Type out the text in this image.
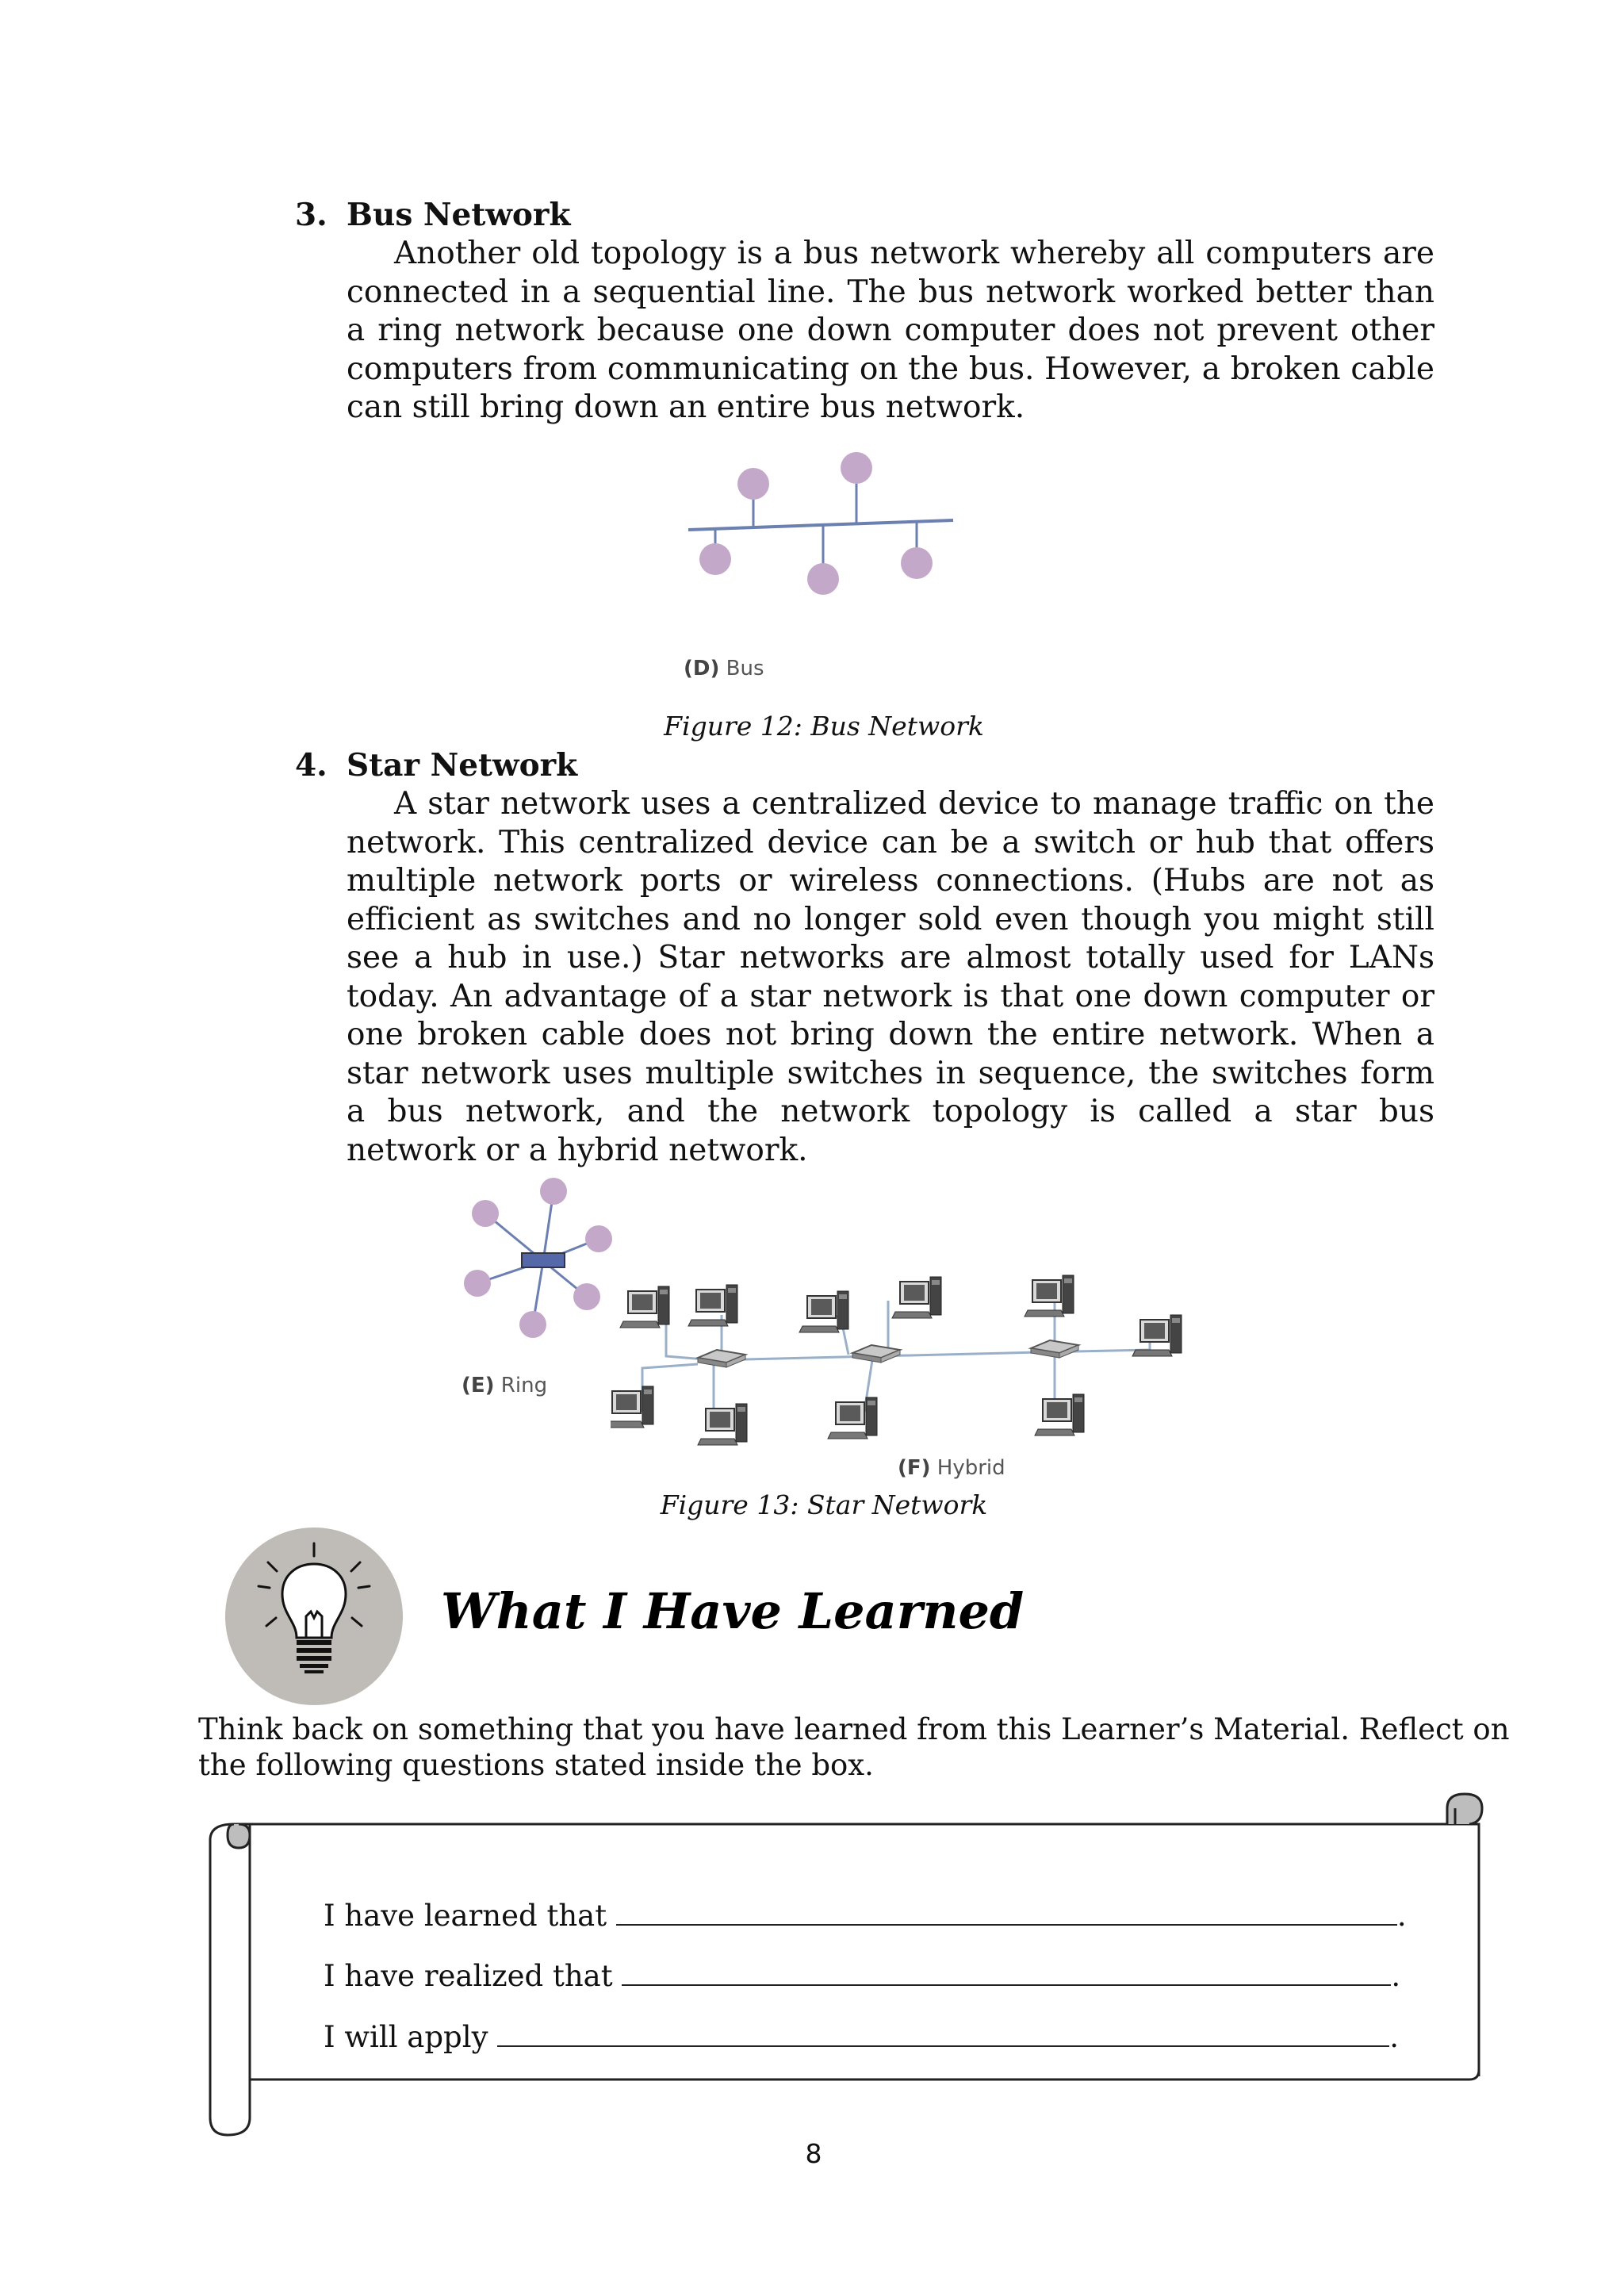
3. Bus Network
Another old topology is a bus network whereby all computers are connected in a sequential line. The bus network worked better than a ring network because one down computer does not prevent other computers from communicating on the bus. However, a broken cable can still bring down an entire bus network.
(D) Bus
Figure 12: Bus Network
4. Star Network
A star network uses a centralized device to manage traffic on the network. This centralized device can be a switch or hub that offers multiple network ports or wireless connections. (Hubs are not as efficient as switches and no longer sold even though you might still see a hub in use.) Star networks are almost totally used for LANs today. An advantage of a star network is that one down computer or one broken cable does not bring down the entire network. When a star network uses multiple switches in sequence, the switches form a bus network, and the network topology is called a star bus network or a hybrid network.
(E) Ring
(F) Hybrid
Figure 13: Star Network
What I Have Learned
Think back on something that you have learned from this Learner’s Material. Reflect on the following questions stated inside the box.
I have learned that	.
I have realized that	.
I will apply	.
8
